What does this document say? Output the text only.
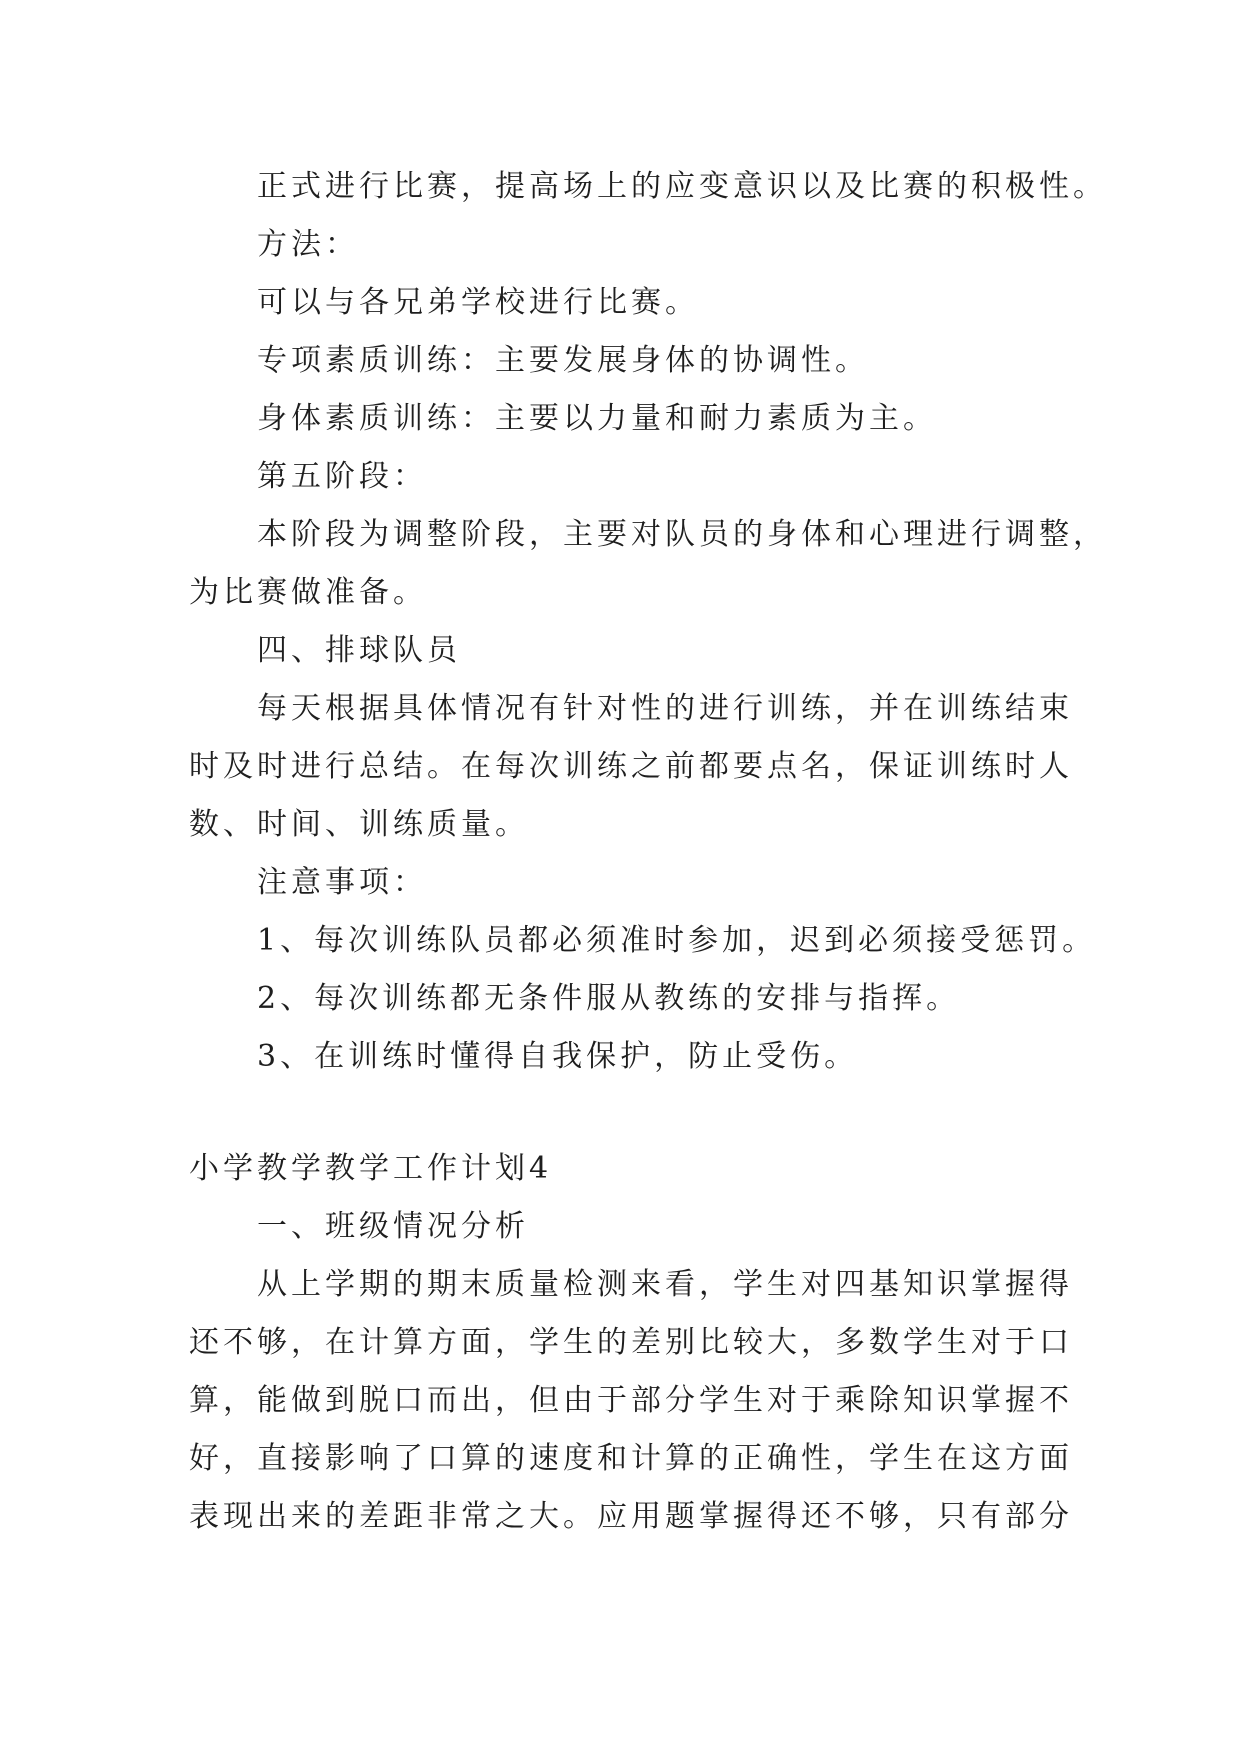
正式进行比赛，提高场上的应变意识以及比赛的积极性。
方法：
可以与各兄弟学校进行比赛。
专项素质训练：主要发展身体的协调性。
身体素质训练：主要以力量和耐力素质为主。
第五阶段：
本阶段为调整阶段，主要对队员的身体和心理进行调整，
为比赛做准备。
四、排球队员
每天根据具体情况有针对性的进行训练，并在训练结束
时及时进行总结。在每次训练之前都要点名，保证训练时人
数、时间、训练质量。
注意事项：
1、每次训练队员都必须准时参加，迟到必须接受惩罚。
2、每次训练都无条件服从教练的安排与指挥。
3、在训练时懂得自我保护，防止受伤。
小学教学教学工作计划4
一、班级情况分析
从上学期的期末质量检测来看，学生对四基知识掌握得
还不够，在计算方面，学生的差别比较大，多数学生对于口
算，能做到脱口而出，但由于部分学生对于乘除知识掌握不
好，直接影响了口算的速度和计算的正确性，学生在这方面
表现出来的差距非常之大。应用题掌握得还不够，只有部分
